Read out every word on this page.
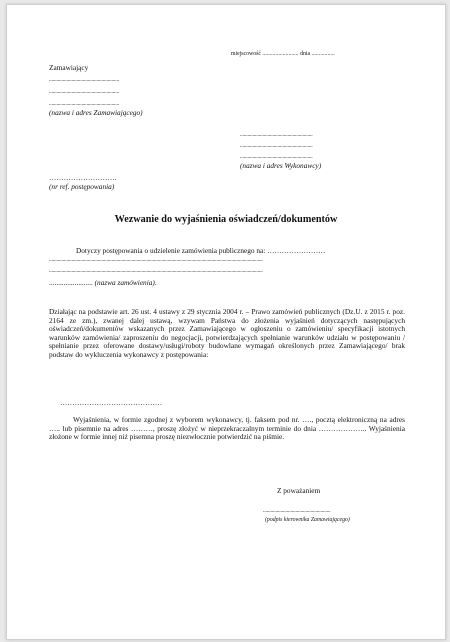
miejscowość ......................... dnia ................
Zamawiający
........................................................
........................................................
........................................................
(nazwa i adres Zamawiającego)
..........................................................
..........................................................
..........................................................
(nazwa i adres Wykonawcy)
……………………….
(nr ref. postępowania)
Wezwanie do wyjaśnienia oświadczeń/dokumentów
Dotyczy postępowania o udzielenie zamówienia publicznego na: ……………………
...........................................................................................................................................................................
...........................................................................................................................................................................
........................ (nazwa zamówienia).
Działając na podstawie art. 26 ust. 4 ustawy z 29 stycznia 2004 r. – Prawo zamówień publicznych (Dz.U. z 2015 r. poz. 2164 ze zm.), zwanej dalej ustawą, wzywam Państwa do złożenia wyjaśnień dotyczących następujących oświadczeń/dokumentów wskazanych przez Zamawiającego w ogłoszeniu o zamówieniu/ specyfikacji istotnych warunków zamówienia/ zaproszeniu do negocjacji, potwierdzających spełnianie warunków udziału w postępowaniu / spełnianie przez oferowane dostawy/usługi/roboty budowlane wymagań określonych przez Zamawiającego/ brak podstaw do wykluczenia wykonawcy z postępowania:
……………………………………
Wyjaśnienia, w formie zgodnej z wyborem wykonawcy, tj. faksem pod nr. …., pocztą elektroniczną na adres ….. lub pisemnie na adres ………, proszę złożyć w nieprzekraczalnym terminie do dnia ……………….. Wyjaśnienia złożone w formie innej niż pisemna proszę niezwłocznie potwierdzić na piśmie.
Z poważaniem
......................................................
(podpis kierownika Zamawiającego)
